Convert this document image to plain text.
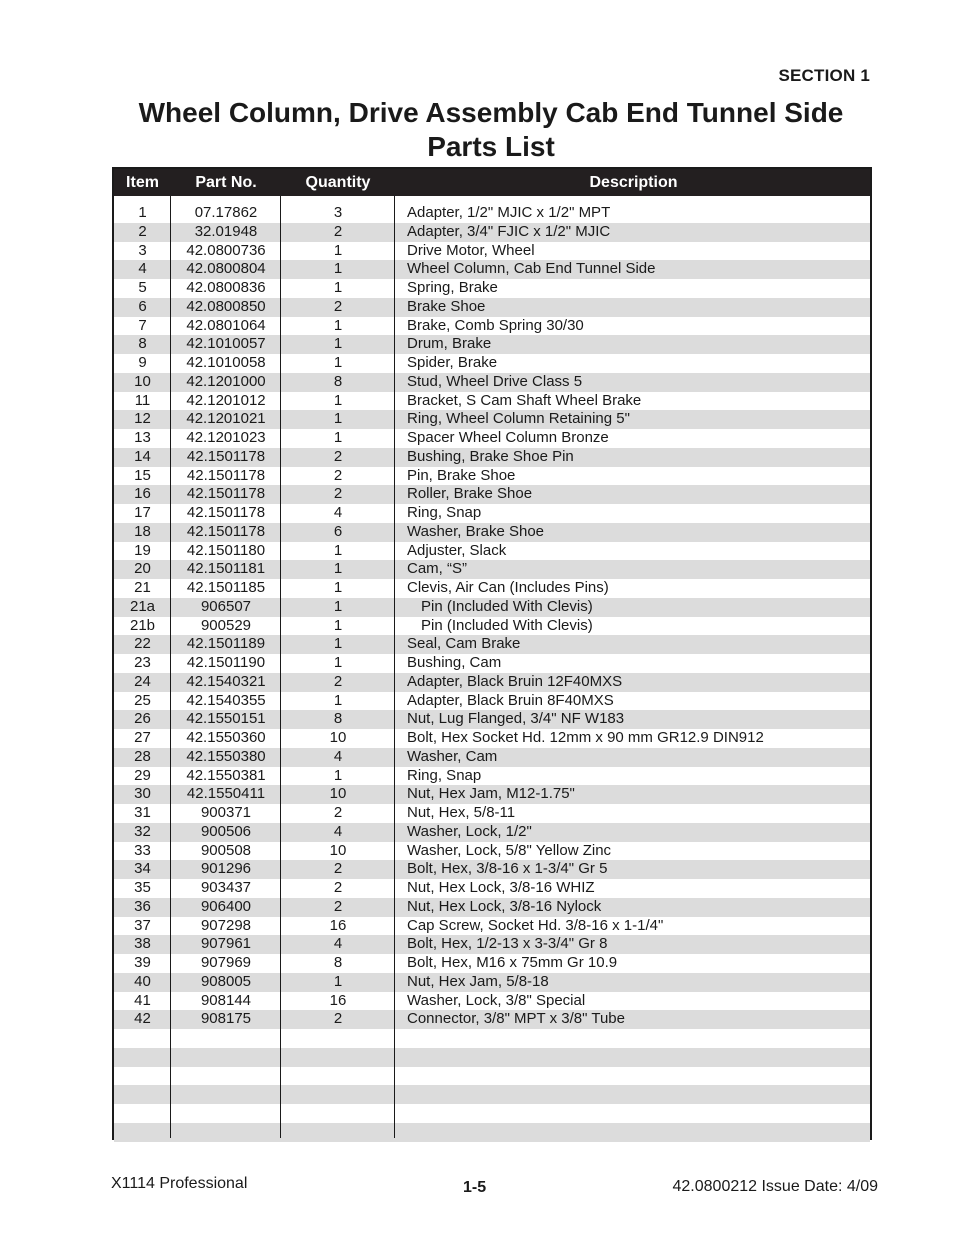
SECTION 1
Wheel Column, Drive Assembly Cab End Tunnel Side
Parts List
Item	Part No.	Quantity	Description
1	07.17862	3	Adapter, 1/2" MJIC x 1/2" MPT
2	32.01948	2	Adapter, 3/4" FJIC x 1/2" MJIC
3	42.0800736	1	Drive Motor, Wheel
4	42.0800804	1	Wheel Column, Cab End Tunnel Side
5	42.0800836	1	Spring, Brake
6	42.0800850	2	Brake Shoe
7	42.0801064	1	Brake, Comb Spring 30/30
8	42.1010057	1	Drum, Brake
9	42.1010058	1	Spider, Brake
10	42.1201000	8	Stud, Wheel Drive Class 5
11	42.1201012	1	Bracket, S Cam Shaft Wheel Brake
12	42.1201021	1	Ring, Wheel Column Retaining 5"
13	42.1201023	1	Spacer Wheel Column Bronze
14	42.1501178	2	Bushing, Brake Shoe Pin
15	42.1501178	2	Pin, Brake Shoe
16	42.1501178	2	Roller, Brake Shoe
17	42.1501178	4	Ring, Snap
18	42.1501178	6	Washer, Brake Shoe
19	42.1501180	1	Adjuster, Slack
20	42.1501181	1	Cam, “S”
21	42.1501185	1	Clevis, Air Can (Includes Pins)
21a	906507	1	Pin (Included With Clevis)
21b	900529	1	Pin (Included With Clevis)
22	42.1501189	1	Seal, Cam Brake
23	42.1501190	1	Bushing, Cam
24	42.1540321	2	Adapter, Black Bruin 12F40MXS
25	42.1540355	1	Adapter, Black Bruin 8F40MXS
26	42.1550151	8	Nut, Lug Flanged, 3/4" NF W183
27	42.1550360	10	Bolt, Hex Socket Hd. 12mm x 90 mm GR12.9 DIN912
28	42.1550380	4	Washer, Cam
29	42.1550381	1	Ring, Snap
30	42.1550411	10	Nut, Hex Jam, M12-1.75"
31	900371	2	Nut, Hex, 5/8-11
32	900506	4	Washer, Lock, 1/2"
33	900508	10	Washer, Lock, 5/8" Yellow Zinc
34	901296	2	Bolt, Hex, 3/8-16 x 1-3/4" Gr 5
35	903437	2	Nut, Hex Lock, 3/8-16 WHIZ
36	906400	2	Nut, Hex Lock, 3/8-16 Nylock
37	907298	16	Cap Screw, Socket Hd. 3/8-16 x 1-1/4"
38	907961	4	Bolt, Hex, 1/2-13 x 3-3/4" Gr 8
39	907969	8	Bolt, Hex, M16 x 75mm Gr 10.9
40	908005	1	Nut, Hex Jam, 5/8-18
41	908144	16	Washer, Lock, 3/8" Special
42	908175	2	Connector, 3/8" MPT x 3/8" Tube
X1114 Professional	1-5	42.0800212 Issue Date: 4/09
